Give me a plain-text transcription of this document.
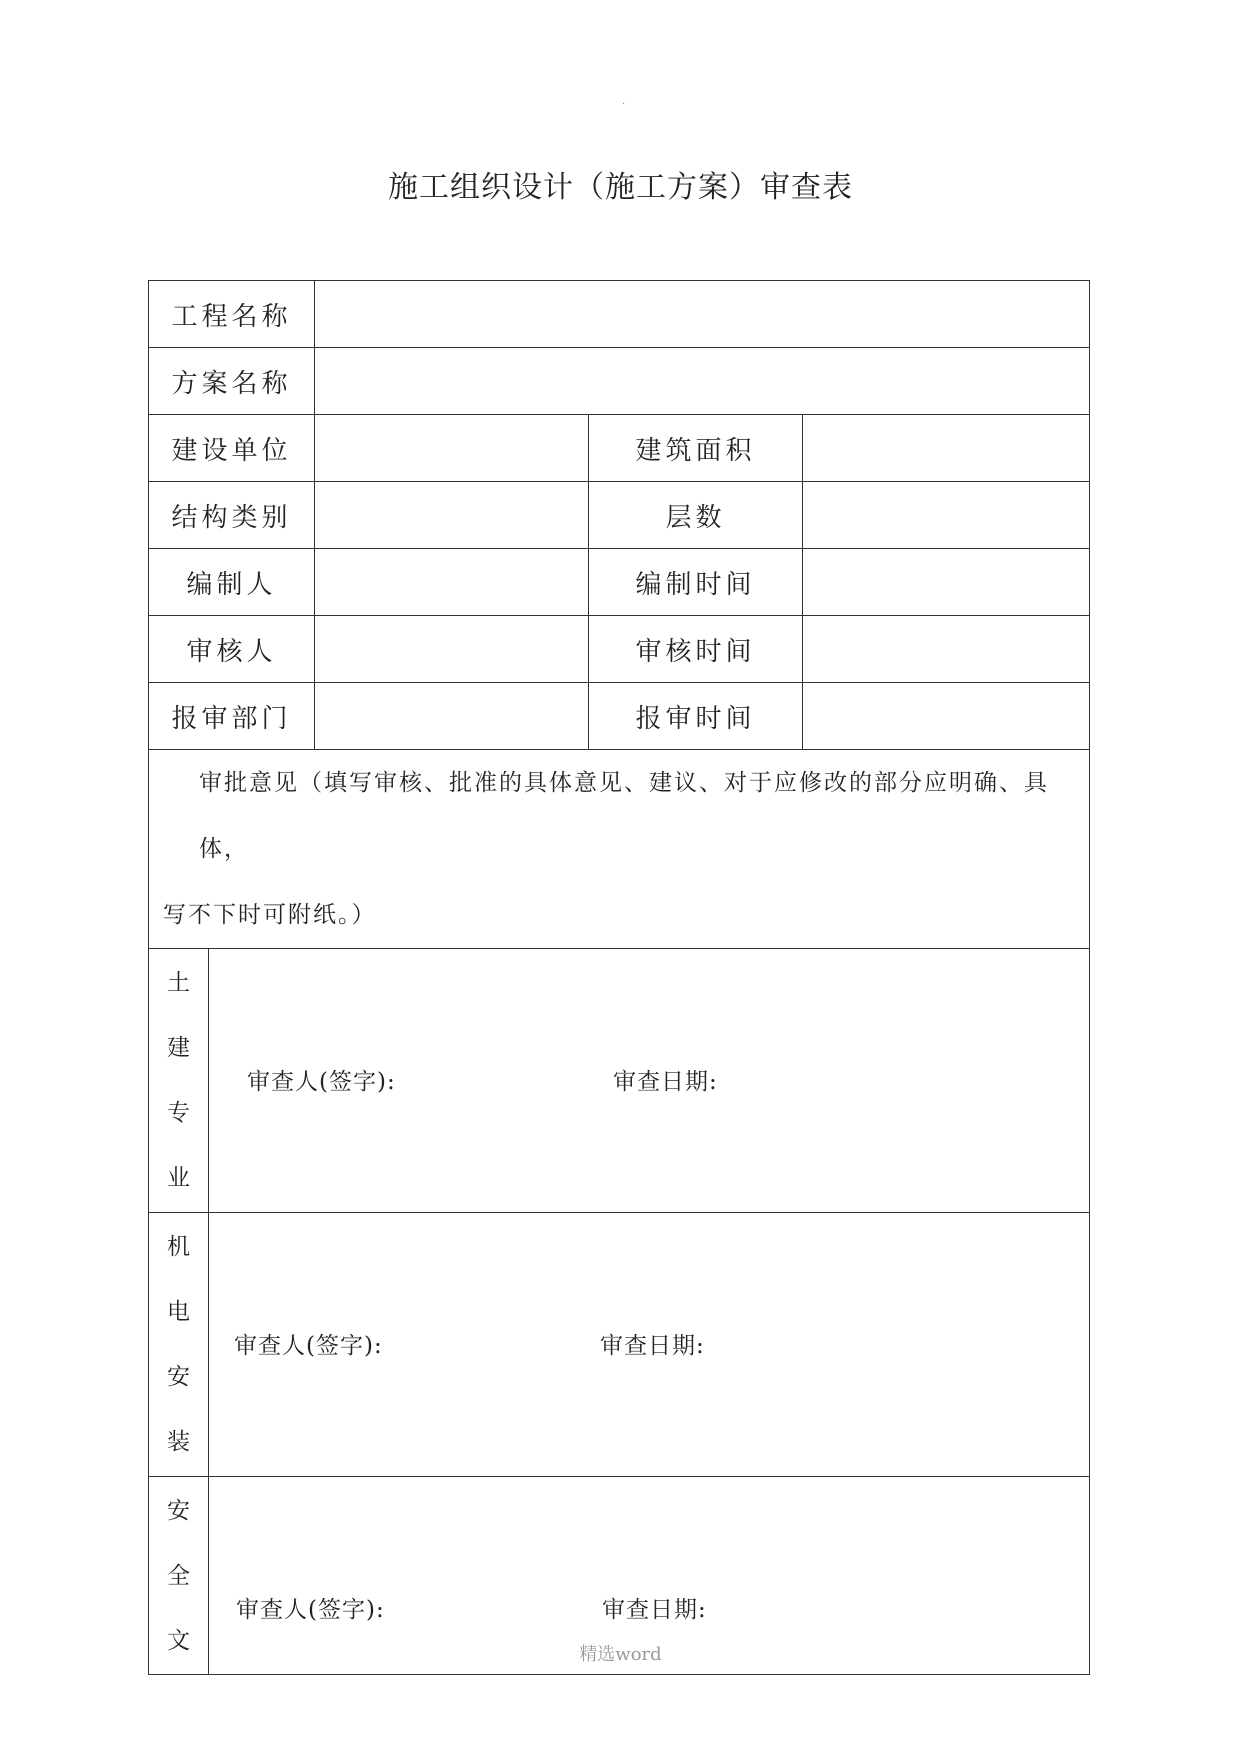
.
施工组织设计（施工方案）审查表
工程名称				
方案名称				
建设单位			建筑面积	
结构类别			层数	
编制人			编制时间	
审核人			审核时间	
报审部门			报审时间	

审批意见（填写审核、批准的具体意见、建议、对于应修改的部分应明确、具体，
写不下时可附纸。）				

土
建
专
业	审查人(签字): 审查日期:			

机
电
安
装	审查人(签字): 审查日期:			

安
全
文	审查人(签字): 审查日期:			
精选word
